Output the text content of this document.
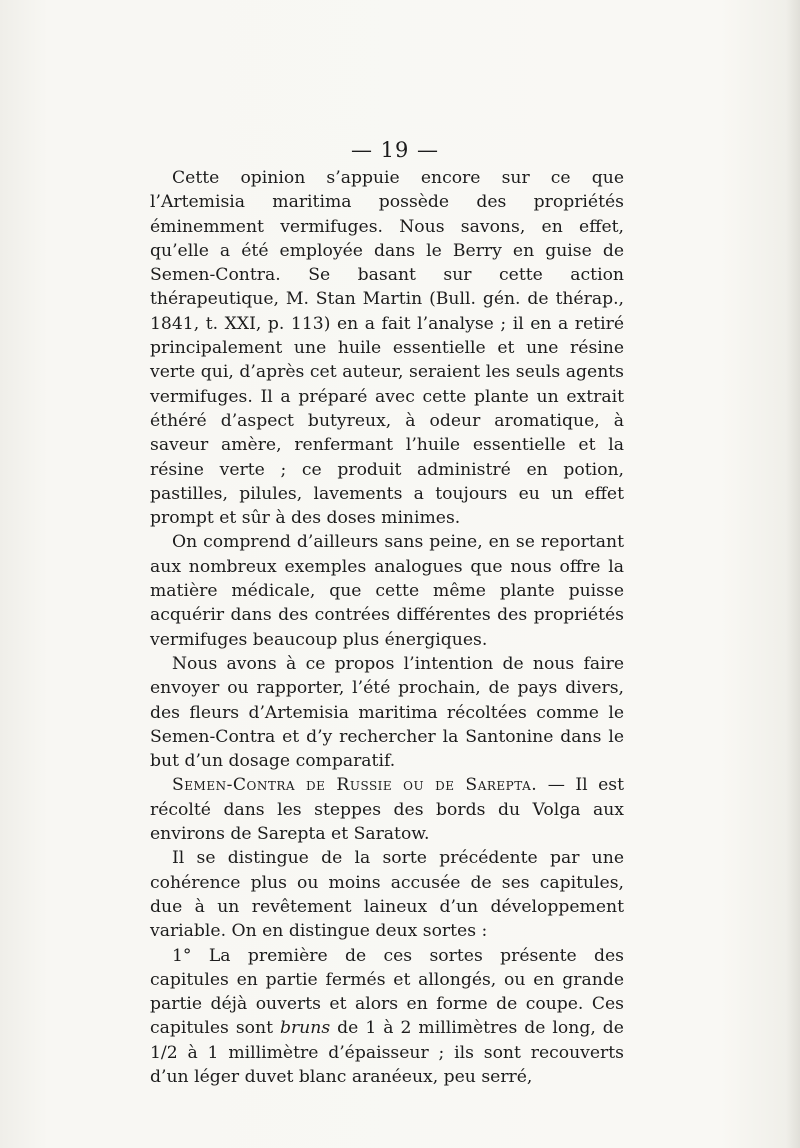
— 19 —

Cette opinion s’appuie encore sur ce que l’Artemisia maritima possède des propriétés éminemment vermifuges. Nous savons, en effet, qu’elle a été employée dans le Berry en guise de Semen-Contra. Se basant sur cette action thérapeutique, M. Stan Martin (Bull. gén. de thérap., 1841, t. XXI, p. 113) en a fait l’analyse ; il en a retiré principalement une huile essentielle et une résine verte qui, d’après cet auteur, seraient les seuls agents vermifuges. Il a préparé avec cette plante un extrait éthéré d’aspect butyreux, à odeur aromatique, à saveur amère, renfermant l’huile essentielle et la résine verte ; ce produit administré en potion, pastilles, pilules, lavements a toujours eu un effet prompt et sûr à des doses minimes.

On comprend d’ailleurs sans peine, en se reportant aux nombreux exemples analogues que nous offre la matière médicale, que cette même plante puisse acquérir dans des contrées différentes des propriétés vermifuges beaucoup plus énergiques.

Nous avons à ce propos l’intention de nous faire envoyer ou rapporter, l’été prochain, de pays divers, des fleurs d’Artemisia maritima récoltées comme le Semen-Contra et d’y rechercher la Santonine dans le but d’un dosage comparatif.

Semen-Contra de Russie ou de Sarepta. — Il est récolté dans les steppes des bords du Volga aux environs de Sarepta et Saratow.

Il se distingue de la sorte précédente par une cohérence plus ou moins accusée de ses capitules, due à un revêtement laineux d’un développement variable. On en distingue deux sortes :

1° La première de ces sortes présente des capitules en partie fermés et allongés, ou en grande partie déjà ouverts et alors en forme de coupe. Ces capitules sont bruns de 1 à 2 millimètres de long, de 1/2 à 1 millimètre d’épaisseur ; ils sont recouverts d’un léger duvet blanc aranéeux, peu serré,
